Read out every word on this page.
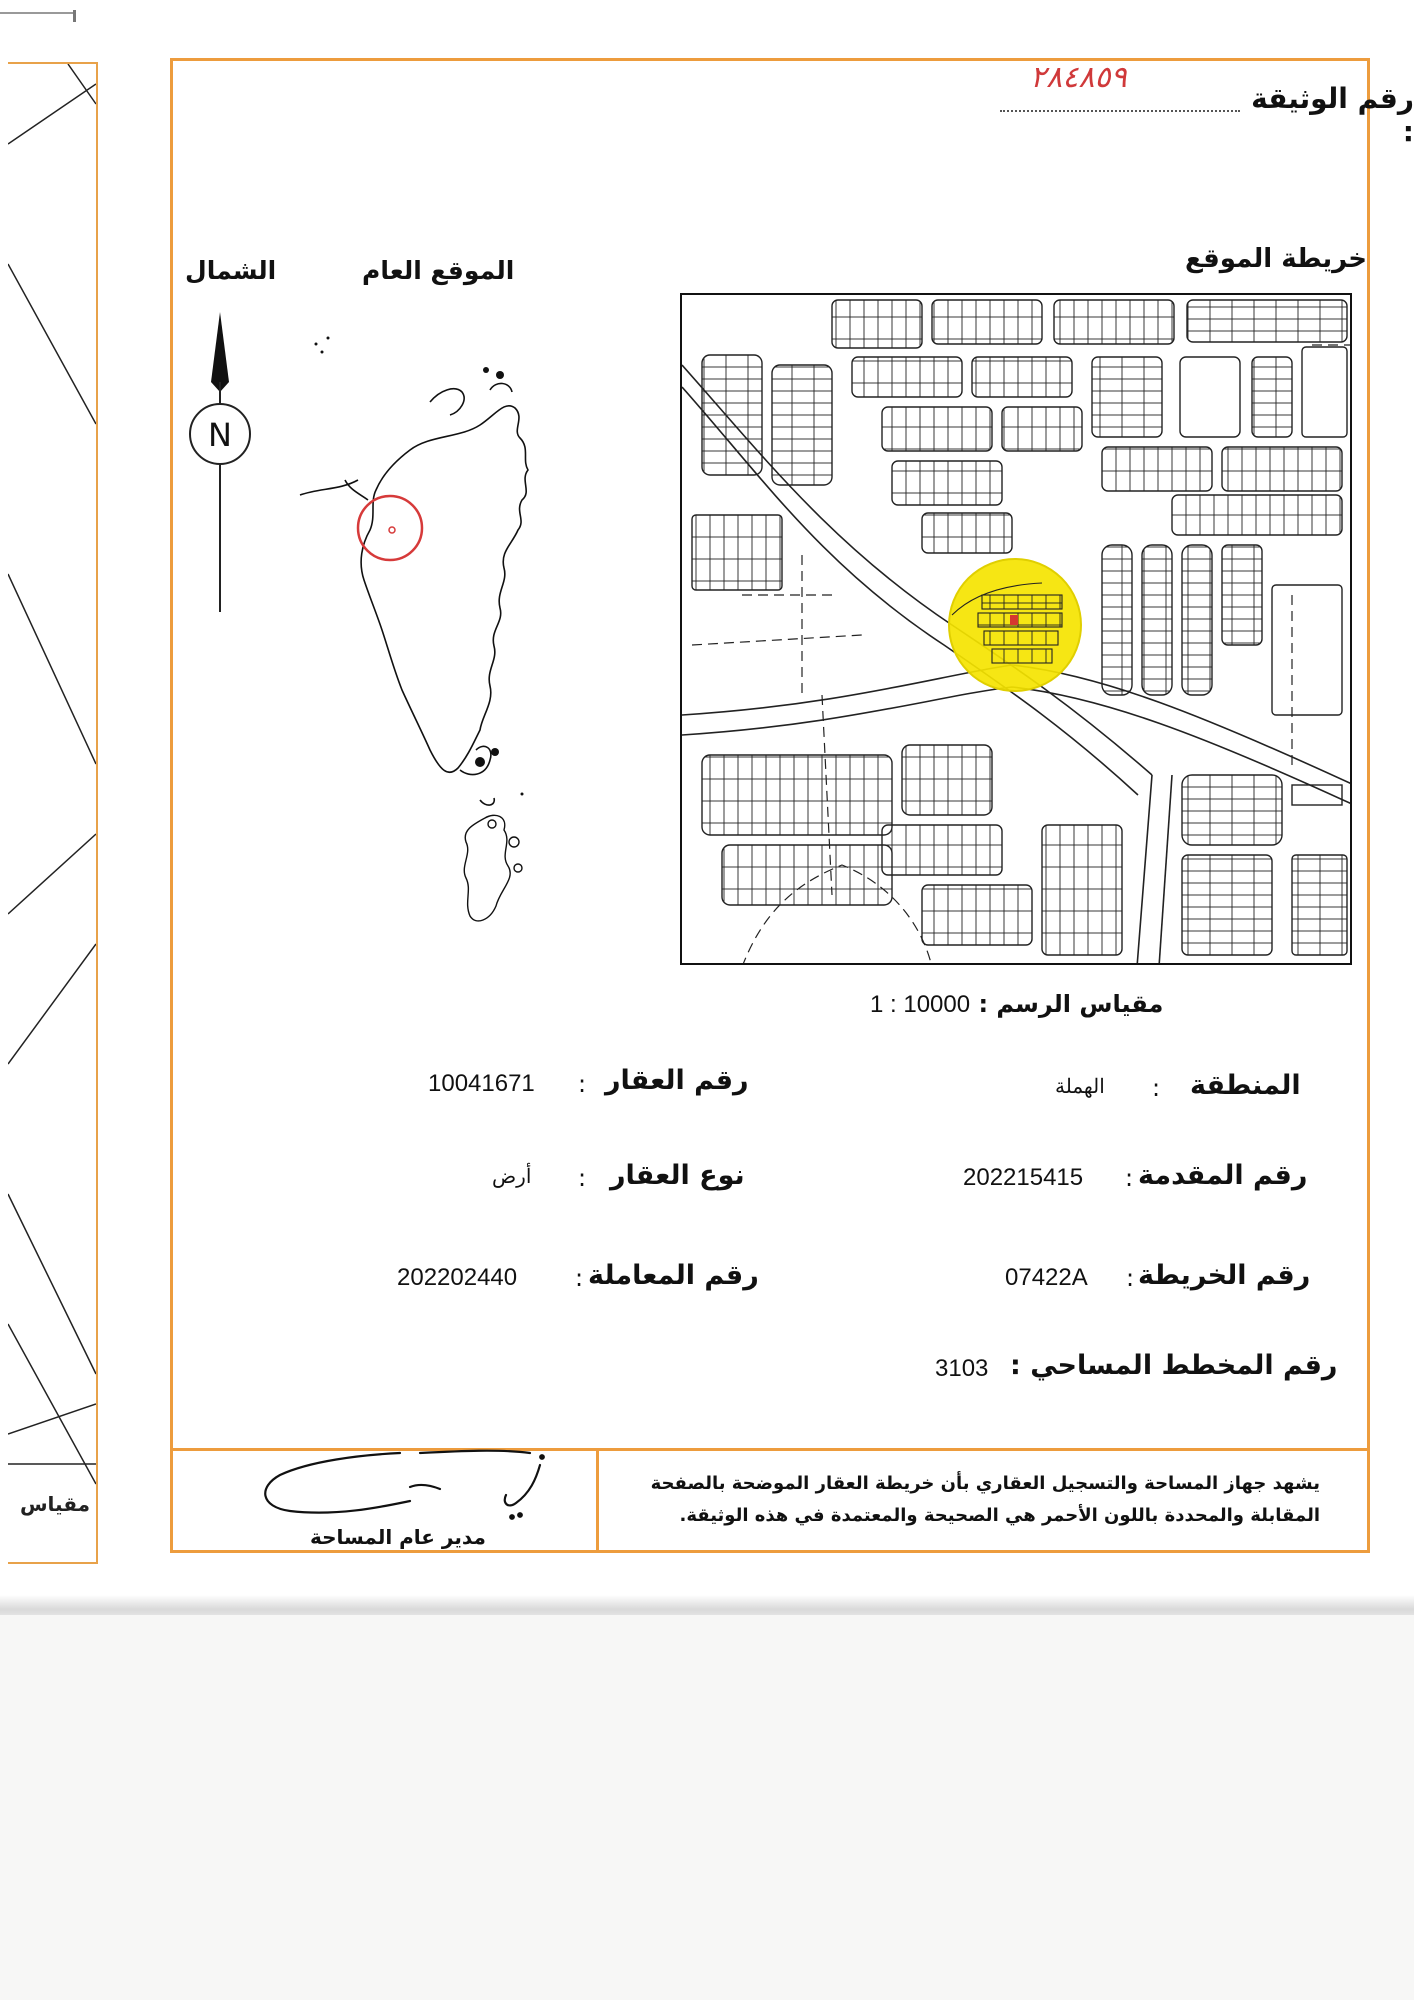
مقياس
رقم الوثيقة :
٢٨٤٨٥٩
خريطة الموقع
الموقع العام
الشمال
N
مقياس الرسم : 1 : 10000
المنطقة
:
الهملة
رقم المقدمة
:
202215415
رقم الخريطة
:
07422A
رقم المخطط المساحي :
3103
رقم العقار
:
10041671
نوع العقار
:
أرض
رقم المعاملة
:
202202440
يشهد جهاز المساحة والتسجيل العقاري بأن خريطة العقار الموضحة بالصفحة المقابلة والمحددة باللون الأحمر هي الصحيحة والمعتمدة في هذه الوثيقة.
مدير عام المساحة
